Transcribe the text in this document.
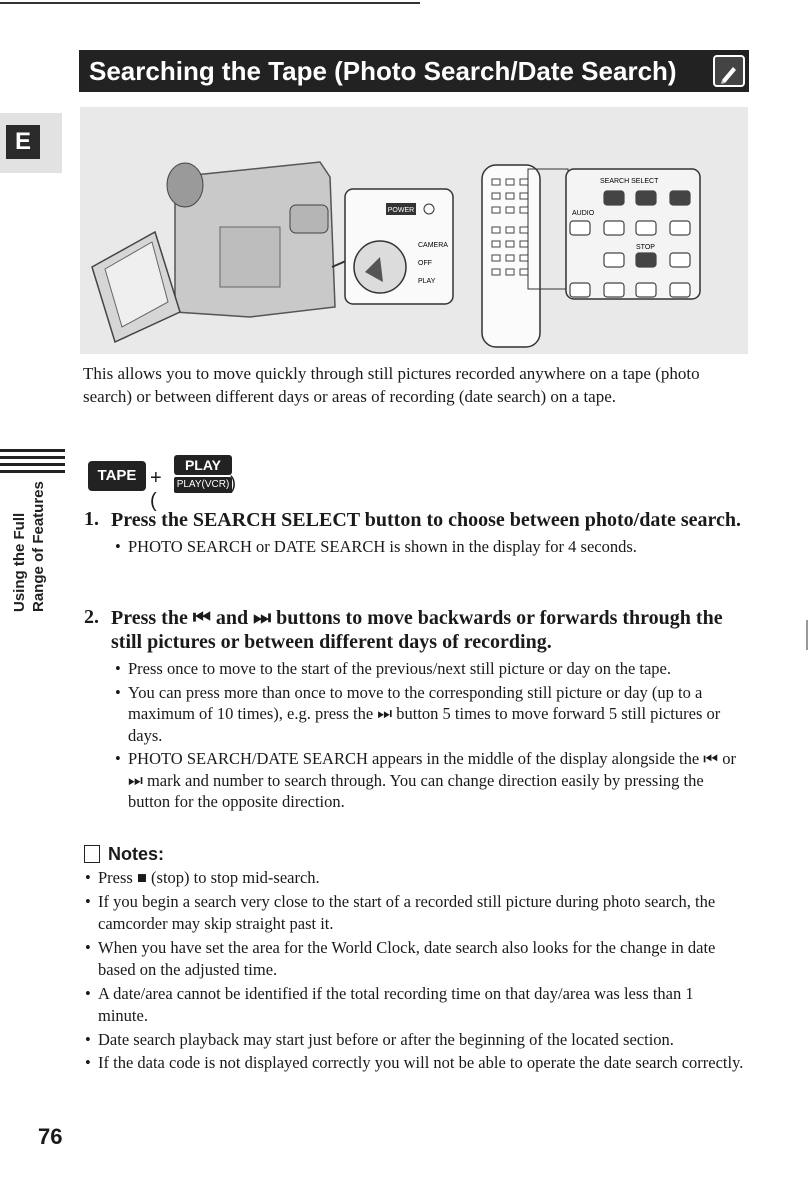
Searching the Tape (Photo Search/Date Search)
E
Using the Full Range of Features
POWER
CAMERA
OFF
PLAY
SEARCH SELECT
AUDIO
STOP

This allows you to move quickly through still pictures recorded anywhere on a tape (photo search) or between different days or areas of recording (date search) on a tape.

TAPE +(
PLAY
PLAY(VCR) )
1. Press the SEARCH SELECT button to choose between photo/date search.
• PHOTO SEARCH or DATE SEARCH is shown in the display for 4 seconds.
2. Press the ⏮ and ⏭ buttons to move backwards or forwards through the still pictures or between different days of recording.
• Press once to move to the start of the previous/next still picture or day on the tape.
• You can press more than once to move to the corresponding still picture or day (up to a maximum of 10 times), e.g. press the ⏭ button 5 times to move forward 5 still pictures or days.
• PHOTO SEARCH/DATE SEARCH appears in the middle of the display alongside the ⏮ or ⏭ mark and number to search through. You can change direction easily by pressing the button for the opposite direction.
Notes:
• Press ■ (stop) to stop mid-search.
• If you begin a search very close to the start of a recorded still picture during photo search, the camcorder may skip straight past it.
• When you have set the area for the World Clock, date search also looks for the change in date based on the adjusted time.
• A date/area cannot be identified if the total recording time on that day/area was less than 1 minute.
• Date search playback may start just before or after the beginning of the located section.
• If the data code is not displayed correctly you will not be able to operate the date search correctly.
76
